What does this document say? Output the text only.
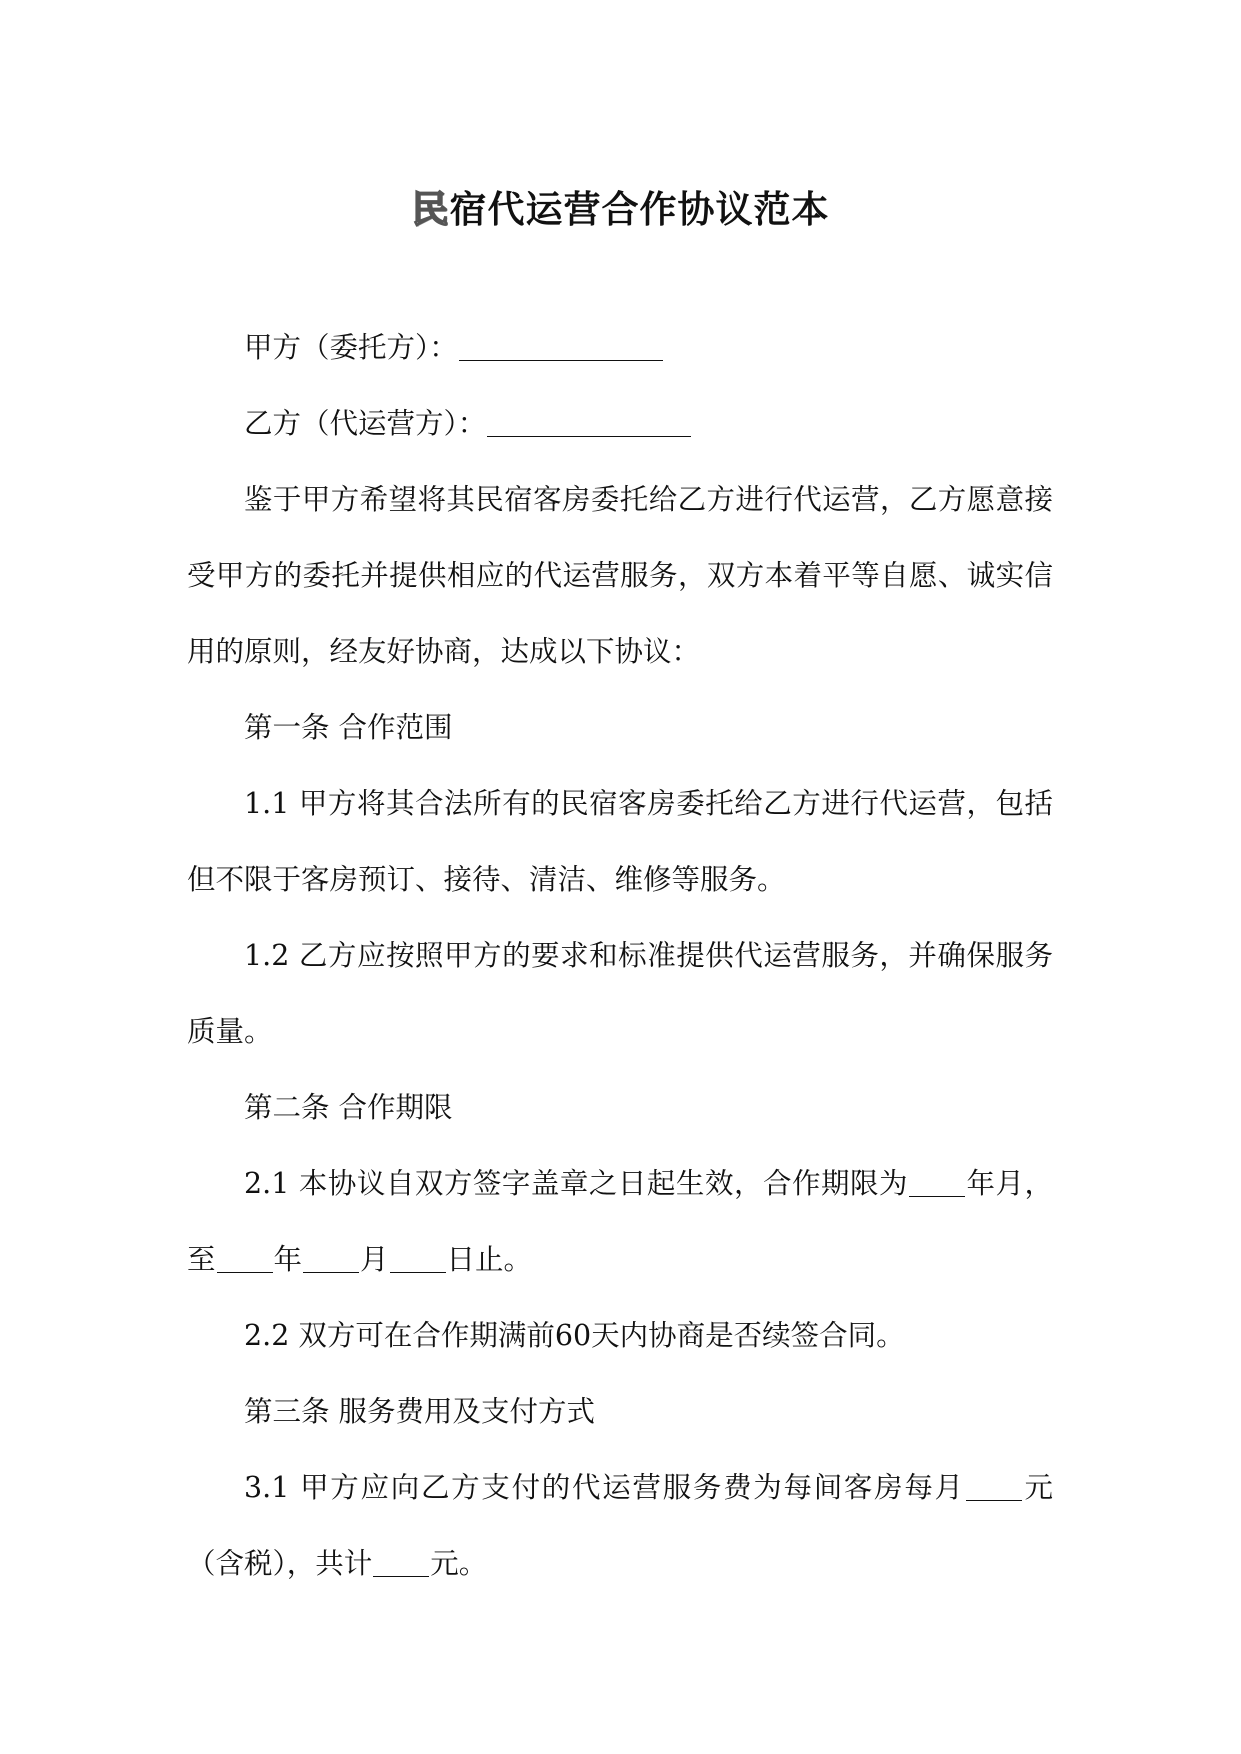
民宿代运营合作协议范本

甲方（委托方）：

乙方（代运营方）：

鉴于甲方希望将其民宿客房委托给乙方进行代运营，乙方愿意接受甲方的委托并提供相应的代运营服务，双方本着平等自愿、诚实信用的原则，经友好协商，达成以下协议：

第一条 合作范围

1.1 甲方将其合法所有的民宿客房委托给乙方进行代运营，包括但不限于客房预订、接待、清洁、维修等服务。

1.2 乙方应按照甲方的要求和标准提供代运营服务，并确保服务质量。

第二条 合作期限

2.1 本协议自双方签字盖章之日起生效，合作期限为 年月，至 年 月 日止。

2.2 双方可在合作期满前60天内协商是否续签合同。

第三条 服务费用及支付方式

3.1 甲方应向乙方支付的代运营服务费为每间客房每月 元（含税），共计 元。
